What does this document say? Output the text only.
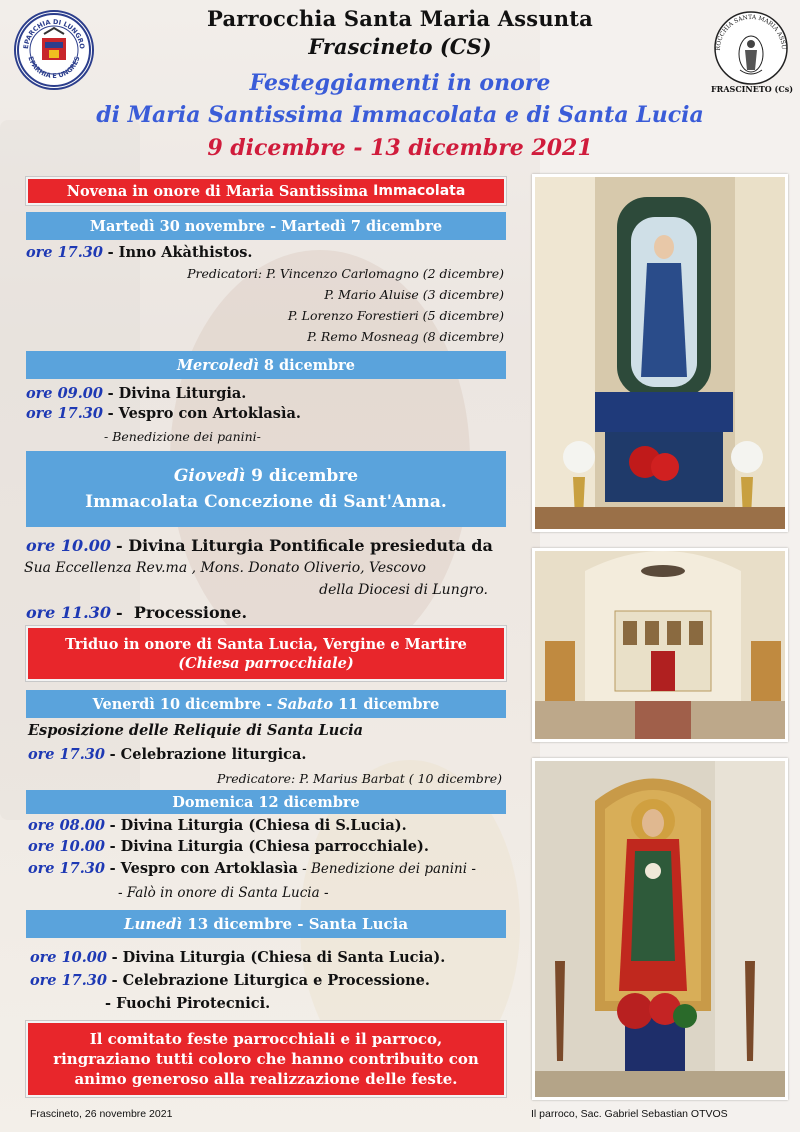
Parrocchia Santa Maria Assunta
Frascineto (CS)
Festeggiamenti in onore
di Maria Santissima Immacolata e di Santa Lucia
9 dicembre - 13 dicembre 2021
EPARCHIA DI LUNGRO
EPARHIA E UNGRES
ROCCHIA SANTA MARIA ASSU
FRASCINETO (Cs)
Novena in onore di Maria Santissima Immacolata
Martedì 30 novembre - Martedì 7 dicembre
ore 17.30 - Inno Akàthistos.
Predicatori: P. Vincenzo Carlomagno (2 dicembre)
P. Mario Aluise (3 dicembre)
P. Lorenzo Forestieri (5 dicembre)
P. Remo Mosneag (8 dicembre)
Mercoledì 8 dicembre
ore 09.00 - Divina Liturgia.
ore 17.30 - Vespro con Artoklasìa.
- Benedizione dei panini-
Giovedì 9 dicembre
Immacolata Concezione di Sant'Anna.
ore 10.00 - Divina Liturgia Pontificale presieduta da
Sua Eccellenza Rev.ma , Mons. Donato Oliverio, Vescovo
della Diocesi di Lungro.
ore 11.30 -  Processione.
Triduo in onore di Santa Lucia, Vergine e Martire
(Chiesa parrocchiale)
Venerdì 10 dicembre - Sabato 11 dicembre
Esposizione delle Reliquie di Santa Lucia
ore 17.30 - Celebrazione liturgica.
Predicatore: P. Marius Barbat ( 10 dicembre)
Domenica 12 dicembre
ore 08.00 - Divina Liturgia (Chiesa di S.Lucia).
ore 10.00 - Divina Liturgia (Chiesa parrocchiale).
ore 17.30 - Vespro con Artoklasìa - Benedizione dei panini -
- Falò in onore di Santa Lucia -
Lunedì 13 dicembre - Santa Lucia
ore 10.00 - Divina Liturgia (Chiesa di Santa Lucia).
ore 17.30 - Celebrazione Liturgica e Processione.
- Fuochi Pirotecnici.
Il comitato feste parrocchiali e il parroco,
ringraziano tutti coloro che hanno contribuito con
animo generoso alla realizzazione delle feste.
Frascineto, 26 novembre 2021	Il parroco, Sac. Gabriel Sebastian OTVOS
